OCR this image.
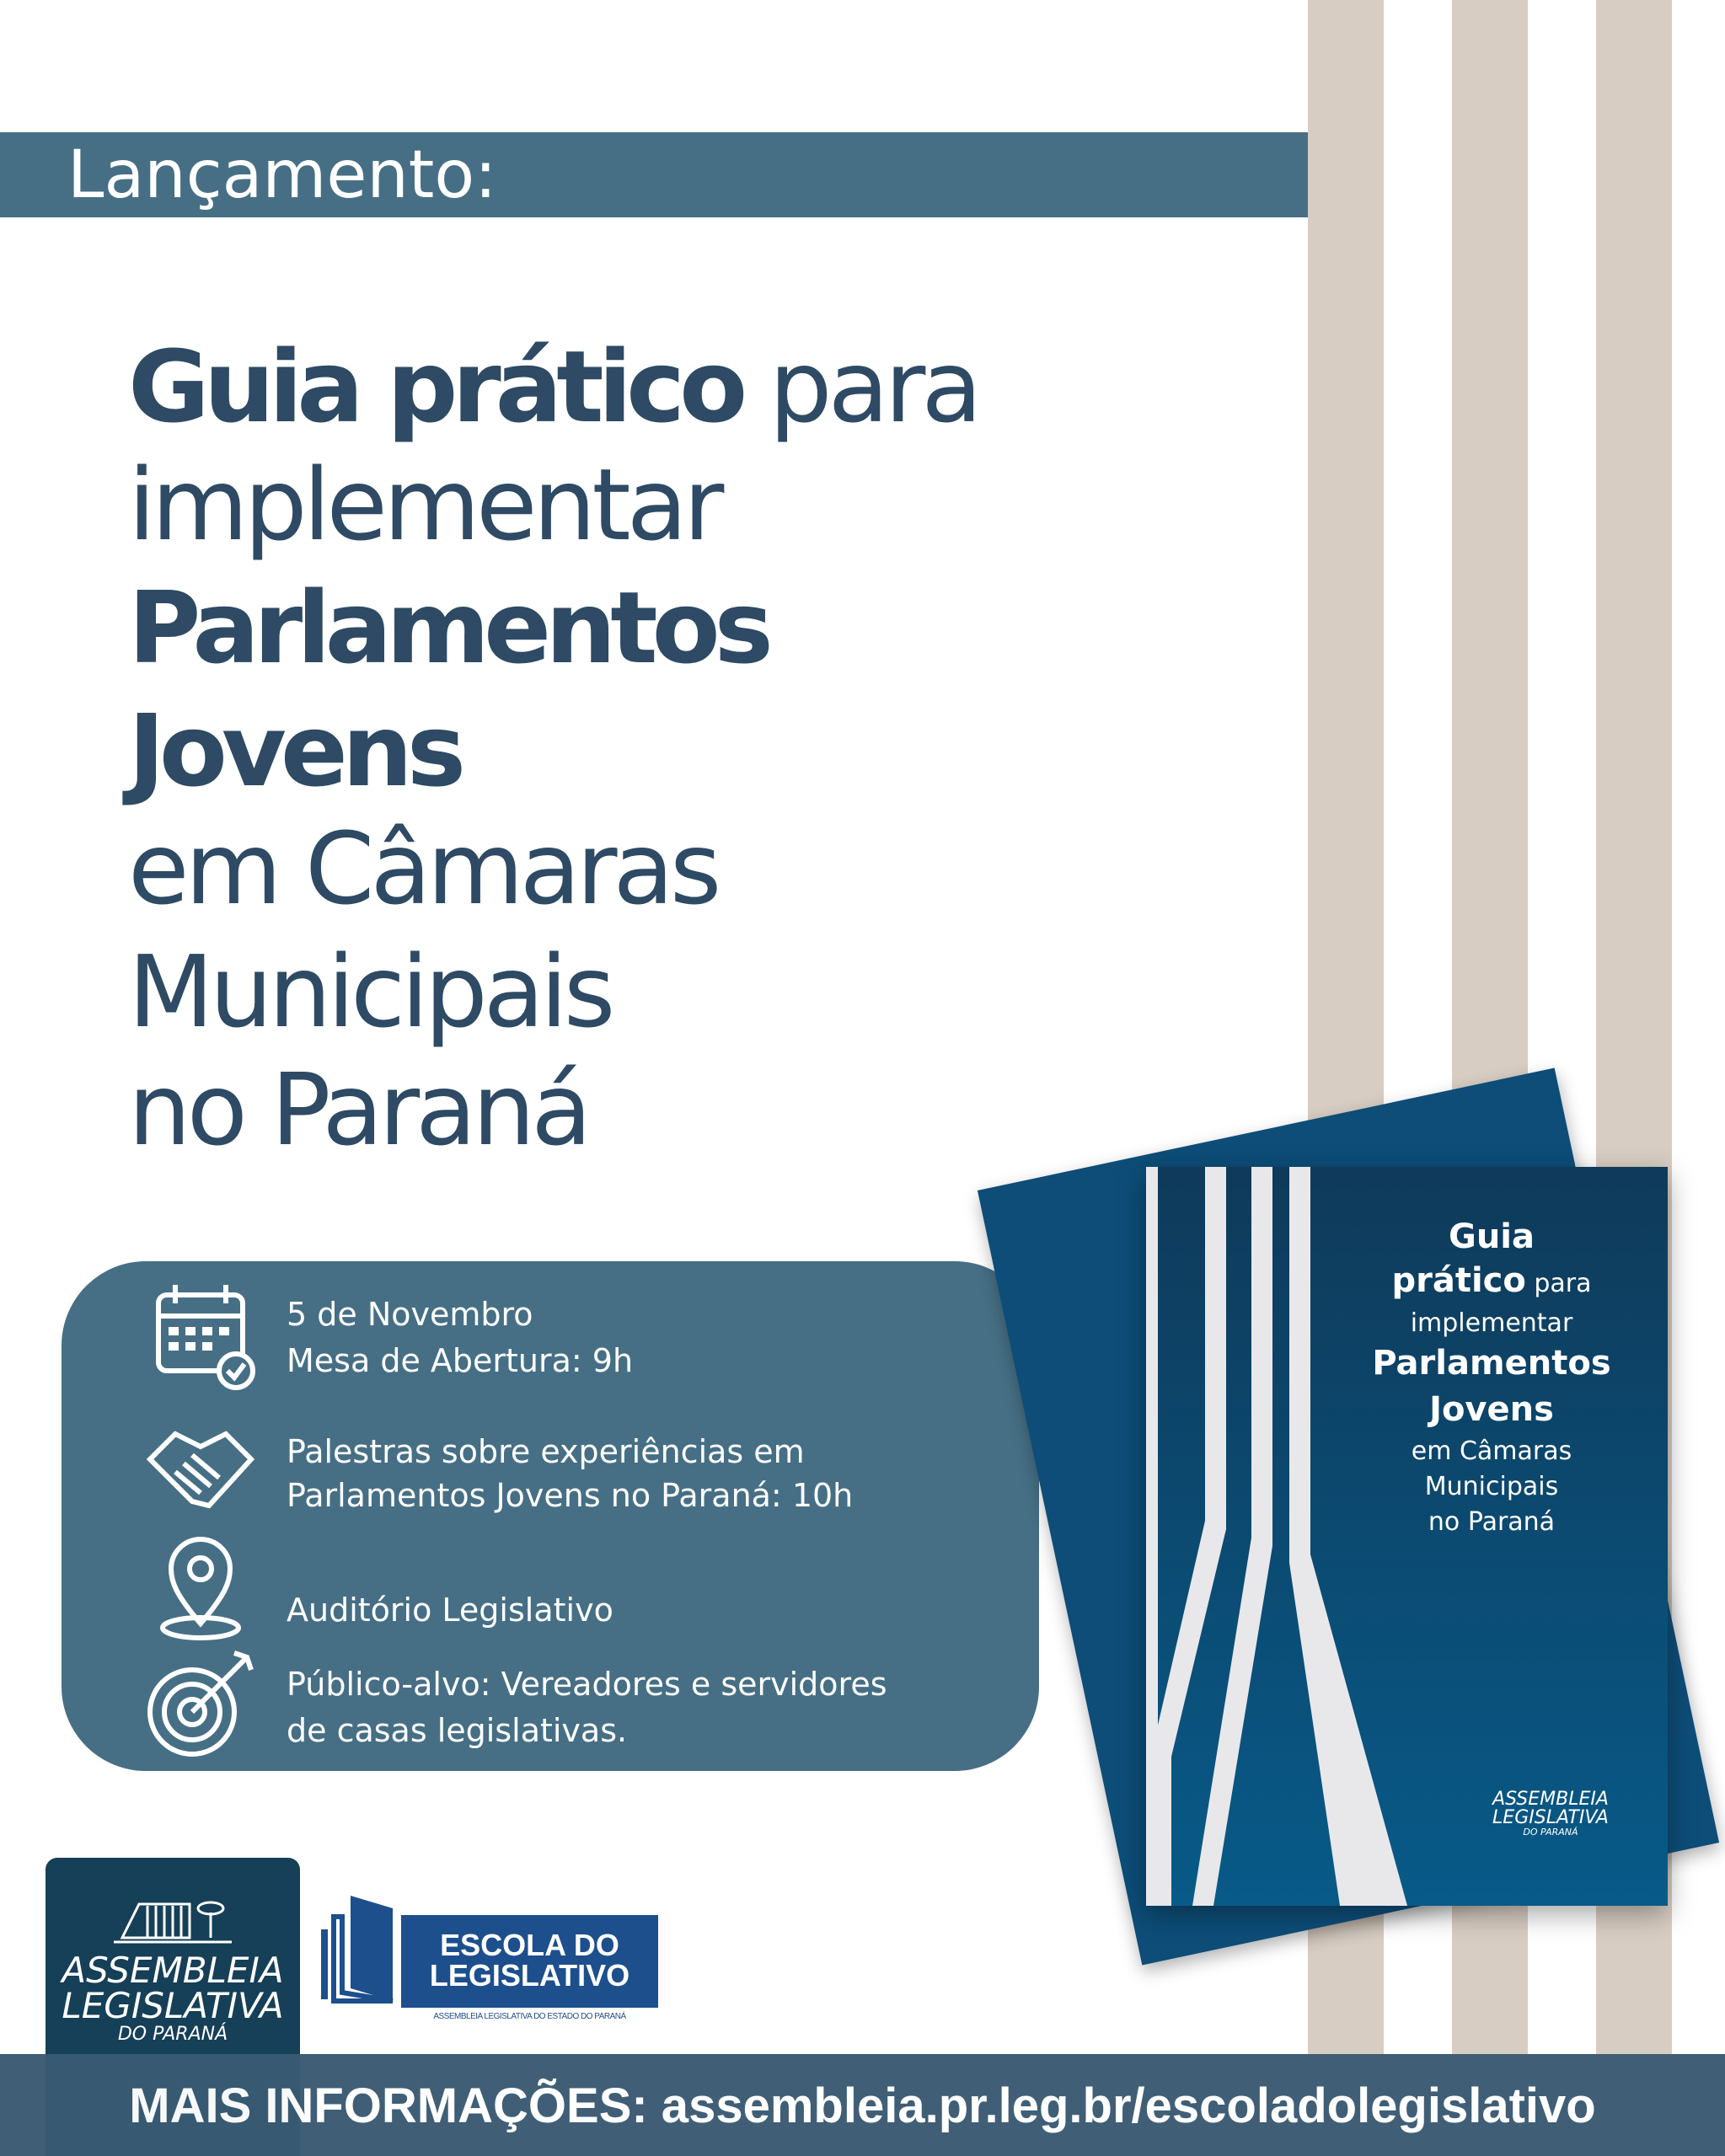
Lançamento:
Guia prático para
implementar
Parlamentos
Jovens
em Câmaras
Municipais
no Paraná
5 de Novembro
Mesa de Abertura: 9h
Palestras sobre experiências em
Parlamentos Jovens no Paraná: 10h
Auditório Legislativo
Público-alvo: Vereadores e servidores
de casas legislativas.
Guia
prático para
implementar
Parlamentos
Jovens
em Câmaras
Municipais
no Paraná
ASSEMBLEIA
LEGISLATIVA
DO PARANÁ
ASSEMBLEIA
LEGISLATIVA
DO PARANÁ
ESCOLA DO
LEGISLATIVO
ASSEMBLEIA LEGISLATIVA DO ESTADO DO PARANÁ
MAIS INFORMAÇÕES: assembleia.pr.leg.br/escoladolegislativo
